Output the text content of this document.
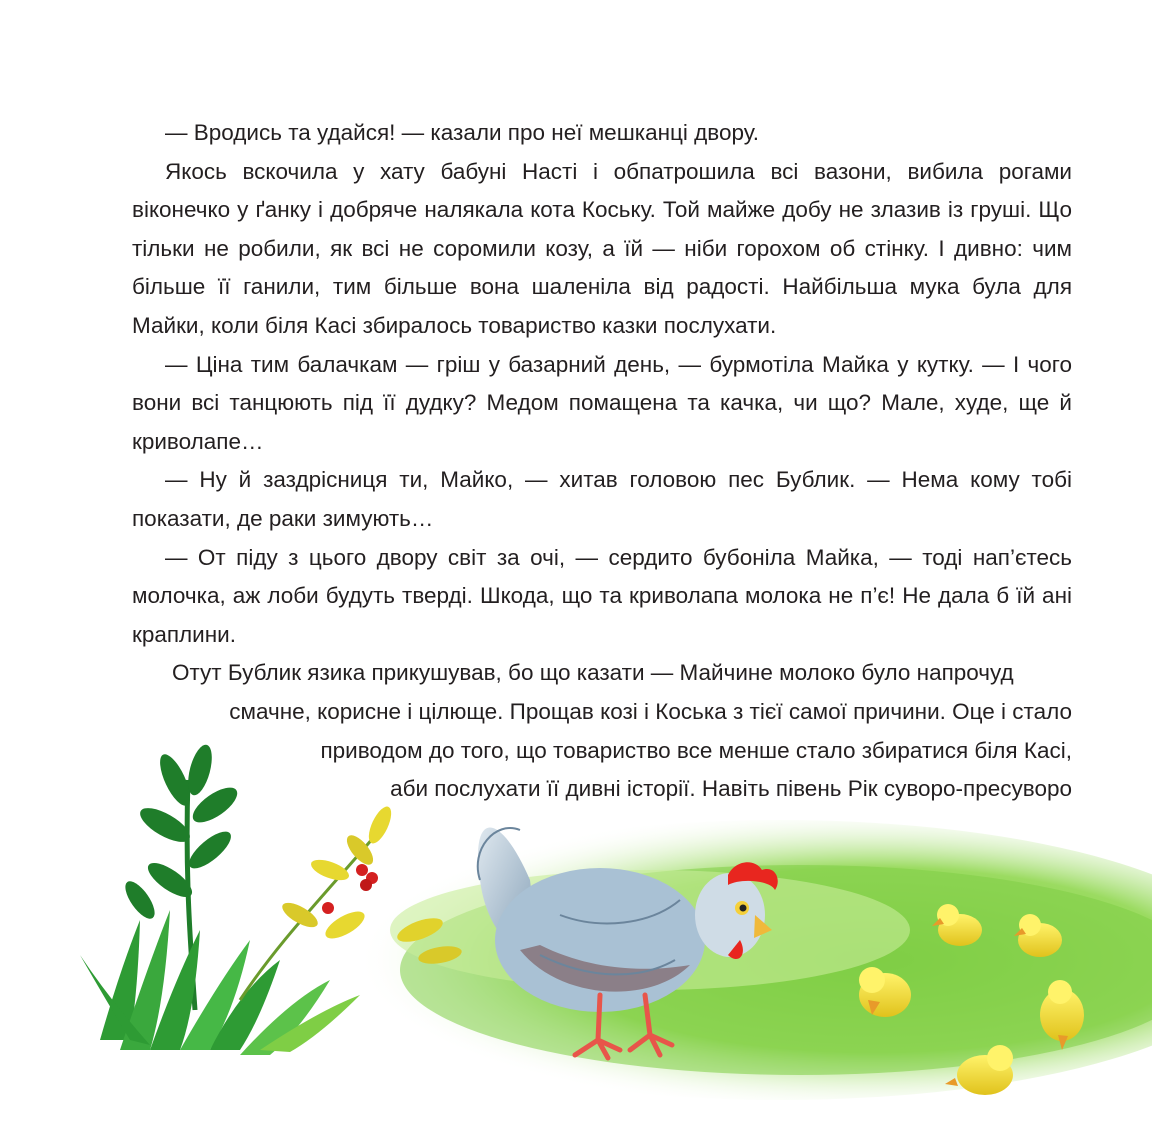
— Вродись та удайся! — казали про неї мешканці двору.

Якось вскочила у хату бабуні Насті і обпатрошила всі вазони, вибила рогами віконечко у ґанку і добряче налякала кота Коську. Той майже добу не злазив із груші. Що тільки не робили, як всі не соромили козу, а їй — ніби горохом об стінку. І дивно: чим більше її ганили, тим більше вона шаленіла від радості. Найбільша мука була для Майки, коли біля Касі збиралось товариство казки послухати.

— Ціна тим балачкам — гріш у базарний день, — бурмотіла Майка у кутку. — І чого вони всі танцюють під її дудку? Медом помащена та качка, чи що? Мале, худе, ще й криволапе…

— Ну й заздрісниця ти, Майко, — хитав головою пес Бублик. — Нема кому тобі показати, де раки зимують…

— От піду з цього двору світ за очі, — сердито бубоніла Майка, — тоді нап’єтесь молочка, аж лоби будуть тверді. Шкода, що та криволапа молока не п’є! Не дала б їй ані краплини.

Отут Бублик язика прикушував, бо що казати — Майчине молоко було напрочуд
смачне, корисне і цілюще. Прощав козі і Коська з тієї самої причини. Оце і стало
приводом до того, що товариство все менше стало збиратися біля Касі,
аби послухати її дивні історії. Навіть півень Рік суворо-пресуворо
